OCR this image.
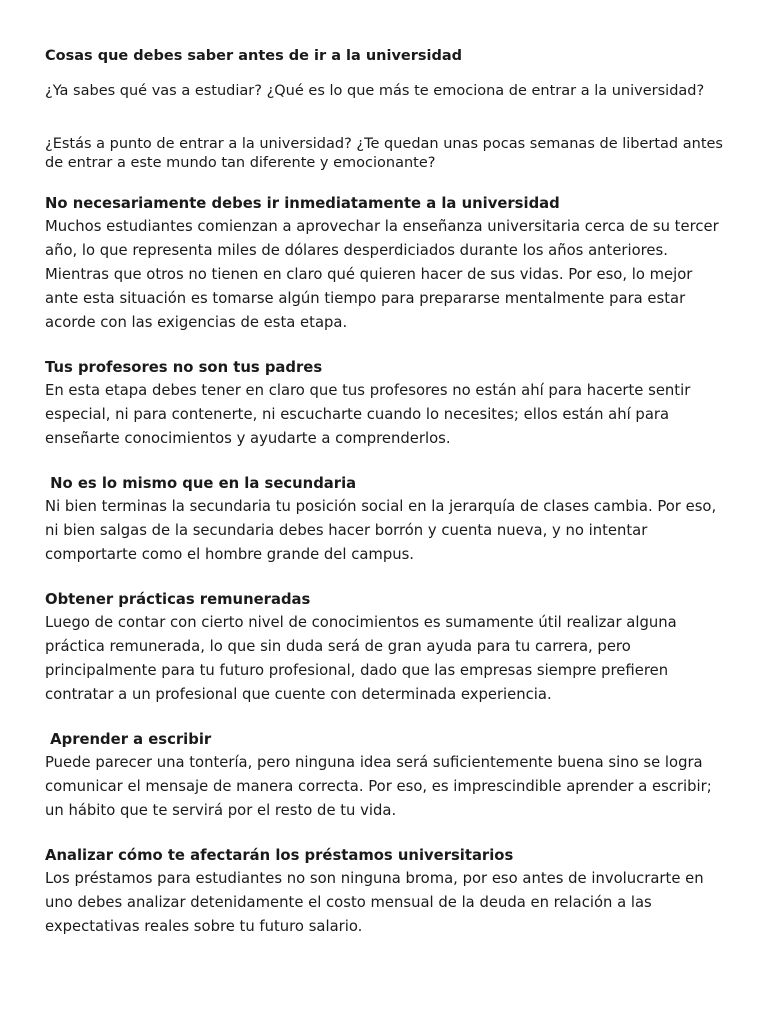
Cosas que debes saber antes de ir a la universidad

¿Ya sabes qué vas a estudiar? ¿Qué es lo que más te emociona de entrar a la universidad?

¿Estás a punto de entrar a la universidad? ¿Te quedan unas pocas semanas de libertad antes de entrar a este mundo tan diferente y emocionante?

No necesariamente debes ir inmediatamente a la universidad

Muchos estudiantes comienzan a aprovechar la enseñanza universitaria cerca de su tercer año, lo que representa miles de dólares desperdiciados durante los años anteriores. Mientras que otros no tienen en claro qué quieren hacer de sus vidas. Por eso, lo mejor ante esta situación es tomarse algún tiempo para prepararse mentalmente para estar acorde con las exigencias de esta etapa.

Tus profesores no son tus padres

En esta etapa debes tener en claro que tus profesores no están ahí para hacerte sentir especial, ni para contenerte, ni escucharte cuando lo necesites; ellos están ahí para enseñarte conocimientos y ayudarte a comprenderlos.

No es lo mismo que en la secundaria

Ni bien terminas la secundaria tu posición social en la jerarquía de clases cambia. Por eso, ni bien salgas de la secundaria debes hacer borrón y cuenta nueva, y no intentar comportarte como el hombre grande del campus.

Obtener prácticas remuneradas

Luego de contar con cierto nivel de conocimientos es sumamente útil realizar alguna práctica remunerada, lo que sin duda será de gran ayuda para tu carrera, pero principalmente para tu futuro profesional, dado que las empresas siempre prefieren contratar a un profesional que cuente con determinada experiencia.

Aprender a escribir

Puede parecer una tontería, pero ninguna idea será suficientemente buena sino se logra comunicar el mensaje de manera correcta. Por eso, es imprescindible aprender a escribir; un hábito que te servirá por el resto de tu vida.

Analizar cómo te afectarán los préstamos universitarios

Los préstamos para estudiantes no son ninguna broma, por eso antes de involucrarte en uno debes analizar detenidamente el costo mensual de la deuda en relación a las expectativas reales sobre tu futuro salario.
